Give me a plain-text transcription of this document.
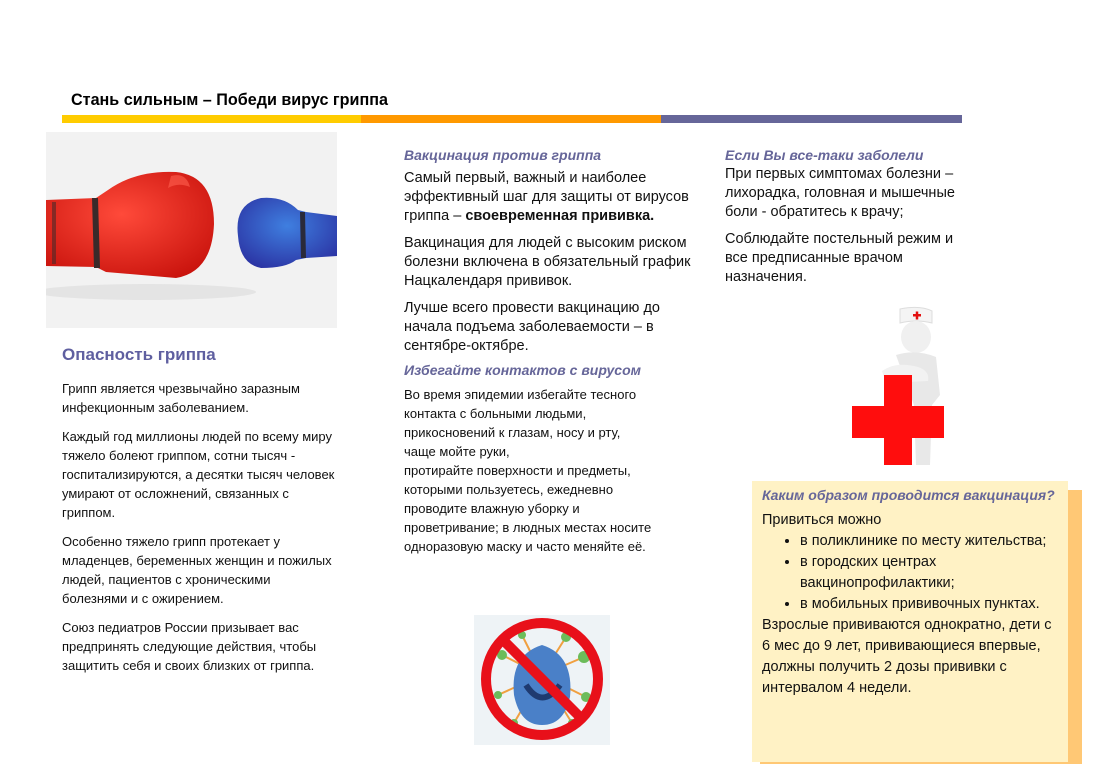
Стань сильным – Победи вирус гриппа
Опасность гриппа

Грипп является чрезвычайно заразным инфекционным заболеванием.

Каждый год миллионы людей по всему миру тяжело болеют гриппом, сотни тысяч - госпитализируются, а десятки тысяч человек умирают от осложнений, связанных с гриппом.

Особенно тяжело грипп протекает у младенцев, беременных женщин и пожилых людей, пациентов с хроническими болезнями и с ожирением.

Союз педиатров России призывает вас предпринять следующие действия, чтобы защитить себя и своих близких от гриппа.

Вакцинация против гриппа

Самый первый, важный и наиболее эффективный шаг для защиты от вирусов гриппа – своевременная прививка.

Вакцинация для людей с высоким риском болезни включена в обязательный график Нацкалендаря прививок.

Лучше всего провести вакцинацию до начала подъема заболеваемости – в сентябре-октябре.

Избегайте контактов с вирусом
Во время эпидемии избегайте тесного
контакта с больными людьми,
прикосновений к глазам, носу и рту,
чаще мойте руки,
протирайте поверхности и предметы,
которыми пользуетесь, ежедневно
проводите влажную уборку и
проветривание; в людных местах носите
одноразовую маску и часто меняйте её.
Если Вы все-таки заболели

При первых симптомах болезни – лихорадка, головная и мышечные боли - обратитесь к врачу;

Соблюдайте постельный режим и все предписанные врачом назначения.

Каким образом проводится вакцинация?
Привиться можно
• в поликлинике по месту жительства;
• в городских центрах вакцинопрофилактики;
• в мобильных прививочных пунктах.
Взрослые прививаются однократно, дети с 6 мес до 9 лет, прививающиеся впервые, должны получить 2 дозы прививки с интервалом 4 недели.
